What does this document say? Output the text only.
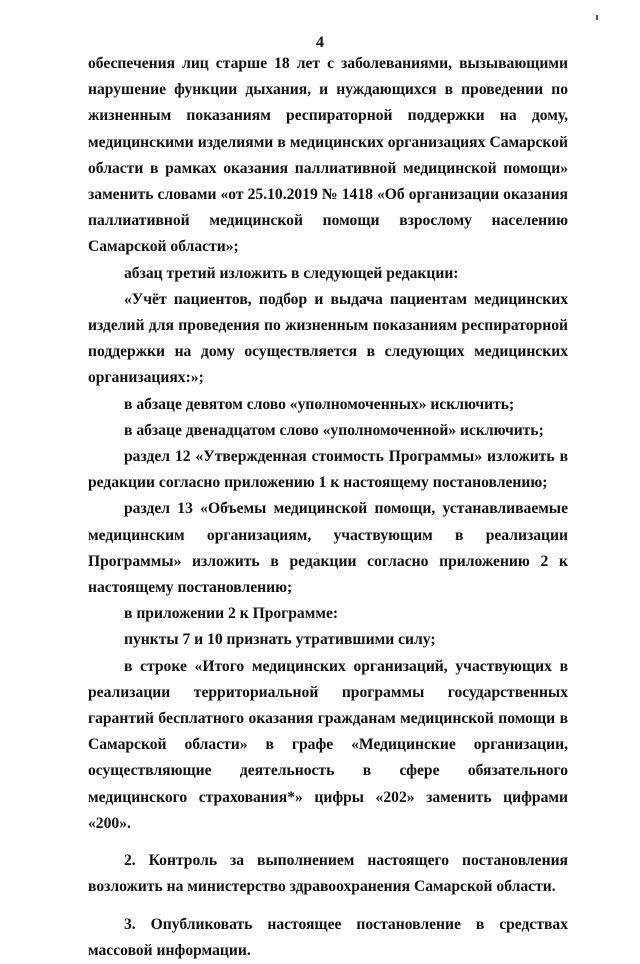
4

обеспечения лиц старше 18 лет с заболеваниями, вызывающими нарушение функции дыхания, и нуждающихся в проведении по жизненным показаниям респираторной поддержки на дому, медицинскими изделиями в медицинских организациях Самарской области в рамках оказания паллиативной медицинской помощи» заменить словами «от 25.10.2019 № 1418 «Об организации оказания паллиативной медицинской помощи взрослому населению Самарской области»;

абзац третий изложить в следующей редакции:

«Учёт пациентов, подбор и выдача пациентам медицинских изделий для проведения по жизненным показаниям респираторной поддержки на дому осуществляется в следующих медицинских организациях:»;

в абзаце девятом слово «уполномоченных» исключить;

в абзаце двенадцатом слово «уполномоченной» исключить;

раздел 12 «Утвержденная стоимость Программы» изложить в редакции согласно приложению 1 к настоящему постановлению;

раздел 13 «Объемы медицинской помощи, устанавливаемые медицинским организациям, участвующим в реализации Программы» изложить в редакции согласно приложению 2 к настоящему постановлению;

в приложении 2 к Программе:

пункты 7 и 10 признать утратившими силу;

в строке «Итого медицинских организаций, участвующих в реализации территориальной программы государственных гарантий бесплатного оказания гражданам медицинской помощи в Самарской области» в графе «Медицинские организации, осуществляющие деятельность в сфере обязательного медицинского страхования*» цифры «202» заменить цифрами «200».

2. Контроль за выполнением настоящего постановления возложить на министерство здравоохранения Самарской области.

3. Опубликовать настоящее постановление в средствах массовой информации.
